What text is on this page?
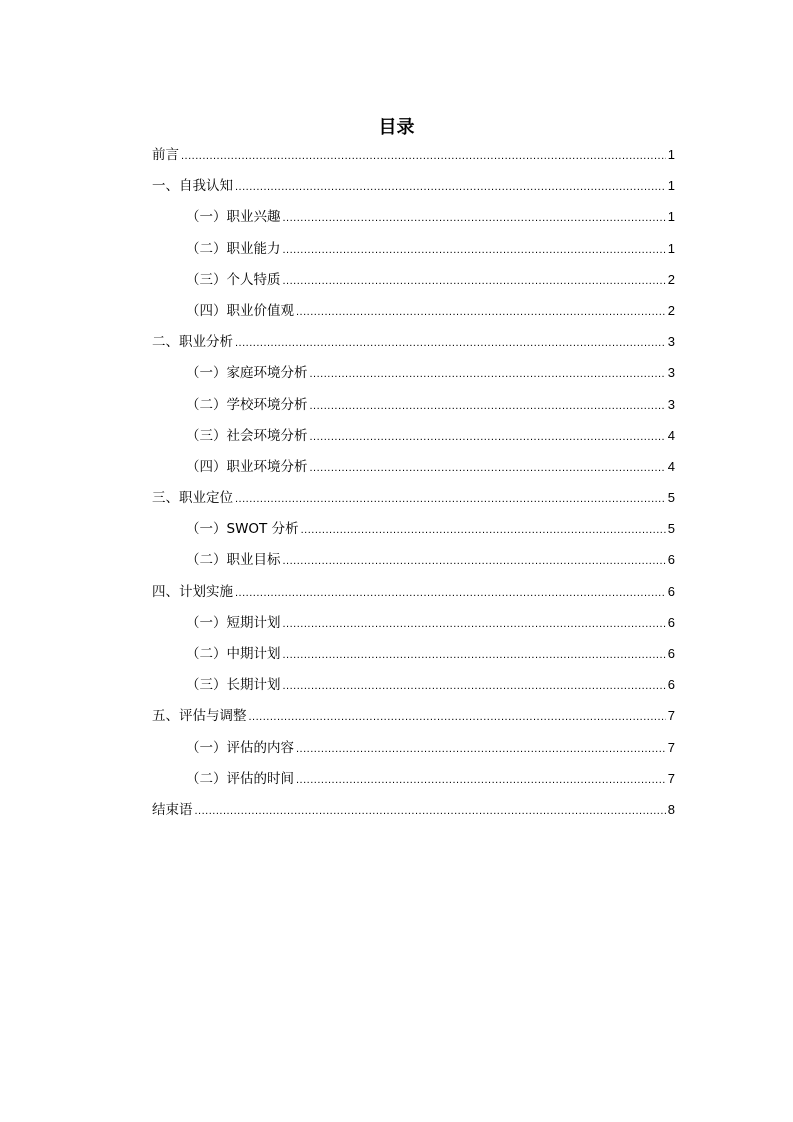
目录
前言 .....	1
一、自我认知 .....	1
（一）职业兴趣 .....	1
（二）职业能力 .....	1
（三）个人特质 .....	2
（四）职业价值观 .....	2
二、职业分析 .....	3
（一）家庭环境分析 .....	3
（二）学校环境分析 .....	3
（三）社会环境分析 .....	4
（四）职业环境分析 .....	4
三、职业定位 .....	5
（一）SWOT 分析 .....	5
（二）职业目标 .....	6
四、计划实施 .....	6
（一）短期计划 .....	6
（二）中期计划 .....	6
（三）长期计划 .....	6
五、评估与调整 .....	7
（一）评估的内容 .....	7
（二）评估的时间 .....	7
结束语 .....	8
